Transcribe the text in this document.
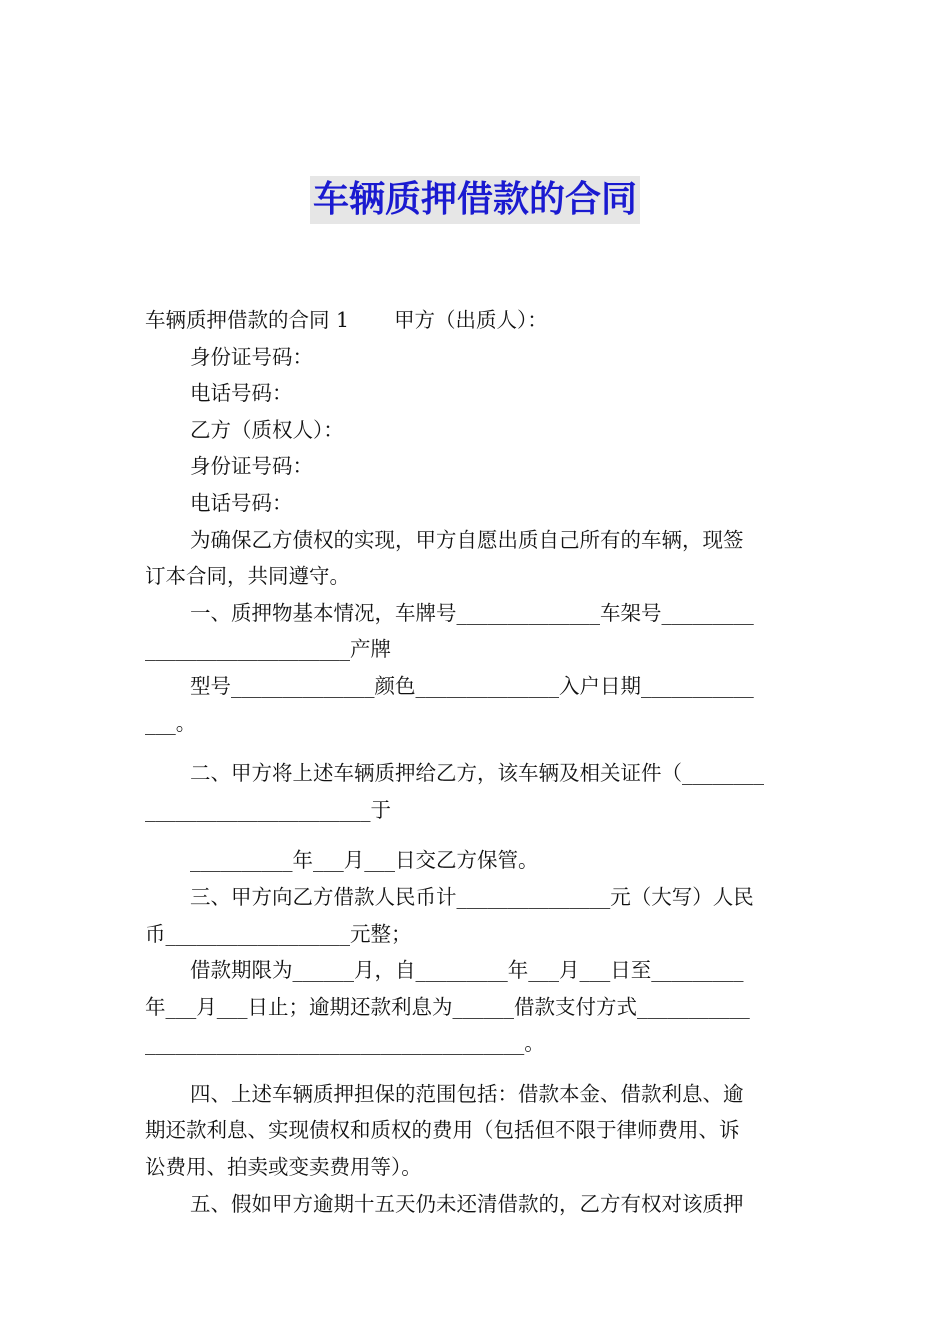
车辆质押借款的合同

车辆质押借款的合同 1 甲方（出质人）：

身份证号码：

电话号码：

乙方（质权人）：

身份证号码：

电话号码：

为确保乙方债权的实现，甲方自愿出质自己所有的车辆，现签

订本合同，共同遵守。

一、质押物基本情况，车牌号______________车架号_________

____________________产牌

型号______________颜色______________入户日期___________

___。

二、甲方将上述车辆质押给乙方，该车辆及相关证件（________

______________________于

__________年___月___日交乙方保管。

三、甲方向乙方借款人民币计_______________元（大写）人民

币__________________元整；

借款期限为______月，自_________年___月___日至_________

年___月___日止；逾期还款利息为______借款支付方式___________

_____________________________________。

四、上述车辆质押担保的范围包括：借款本金、借款利息、逾

期还款利息、实现债权和质权的费用（包括但不限于律师费用、诉

讼费用、拍卖或变卖费用等）。

五、假如甲方逾期十五天仍未还清借款的，乙方有权对该质押
